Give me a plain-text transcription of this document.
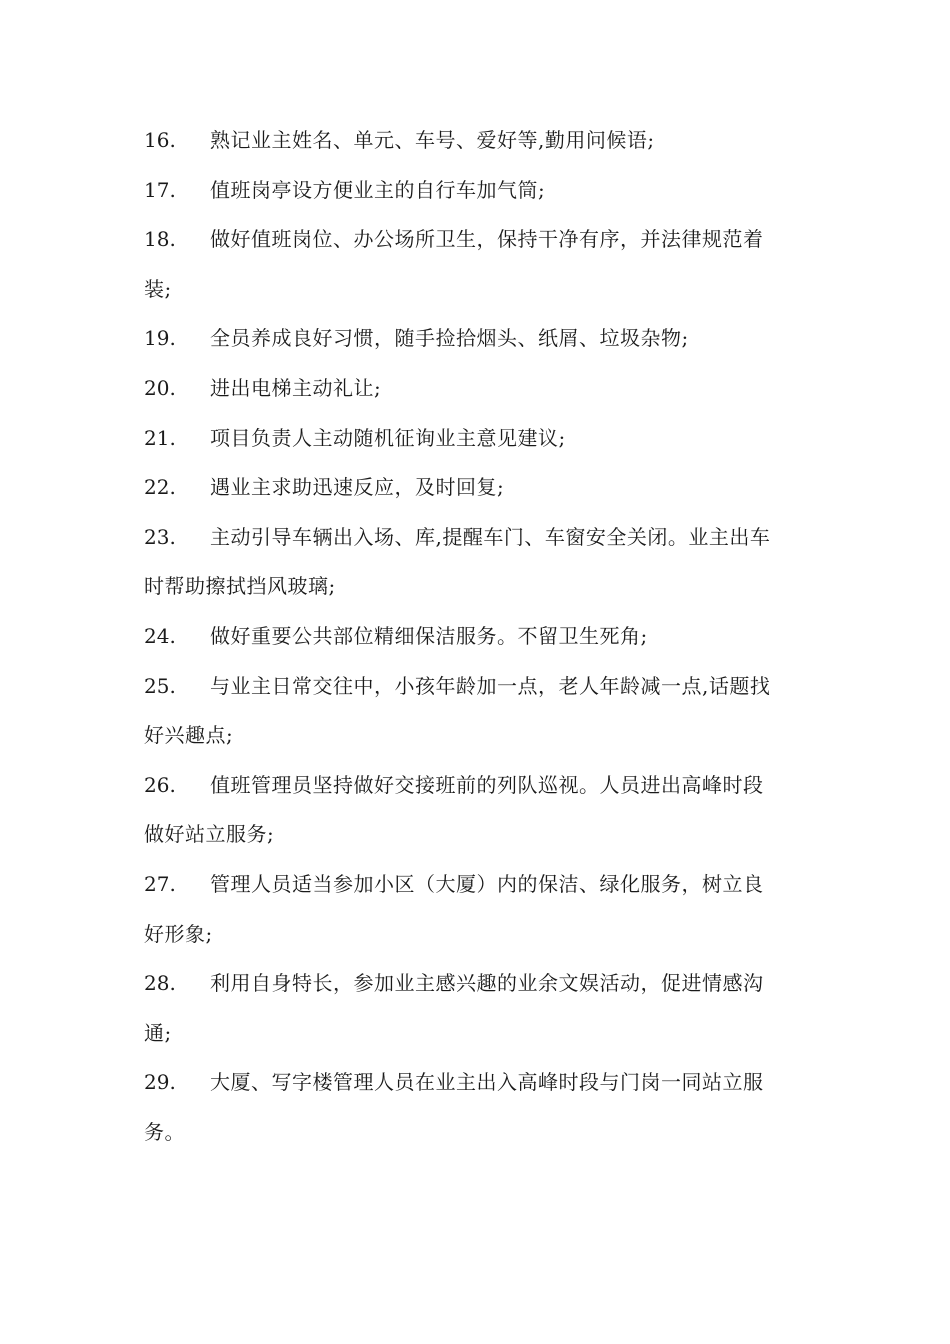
16.	熟记业主姓名、单元、车号、爱好等,勤用问候语;
17.	值班岗亭设方便业主的自行车加气筒;
18.	做好值班岗位、办公场所卫生，保持干净有序，并法律规范着
装;
19.	全员养成良好习惯，随手捡拾烟头、纸屑、垃圾杂物;
20.	进出电梯主动礼让;
21.	项目负责人主动随机征询业主意见建议;
22.	遇业主求助迅速反应，及时回复;
23.	主动引导车辆出入场、库,提醒车门、车窗安全关闭。业主出车
时帮助擦拭挡风玻璃;
24.	做好重要公共部位精细保洁服务。不留卫生死角;
25.	与业主日常交往中，小孩年龄加一点，老人年龄减一点,话题找
好兴趣点;
26.	值班管理员坚持做好交接班前的列队巡视。人员进出高峰时段
做好站立服务;
27.	管理人员适当参加小区（大厦）内的保洁、绿化服务，树立良
好形象;
28.	利用自身特长，参加业主感兴趣的业余文娱活动，促进情感沟
通;
29.	大厦、写字楼管理人员在业主出入高峰时段与门岗一同站立服
务。
